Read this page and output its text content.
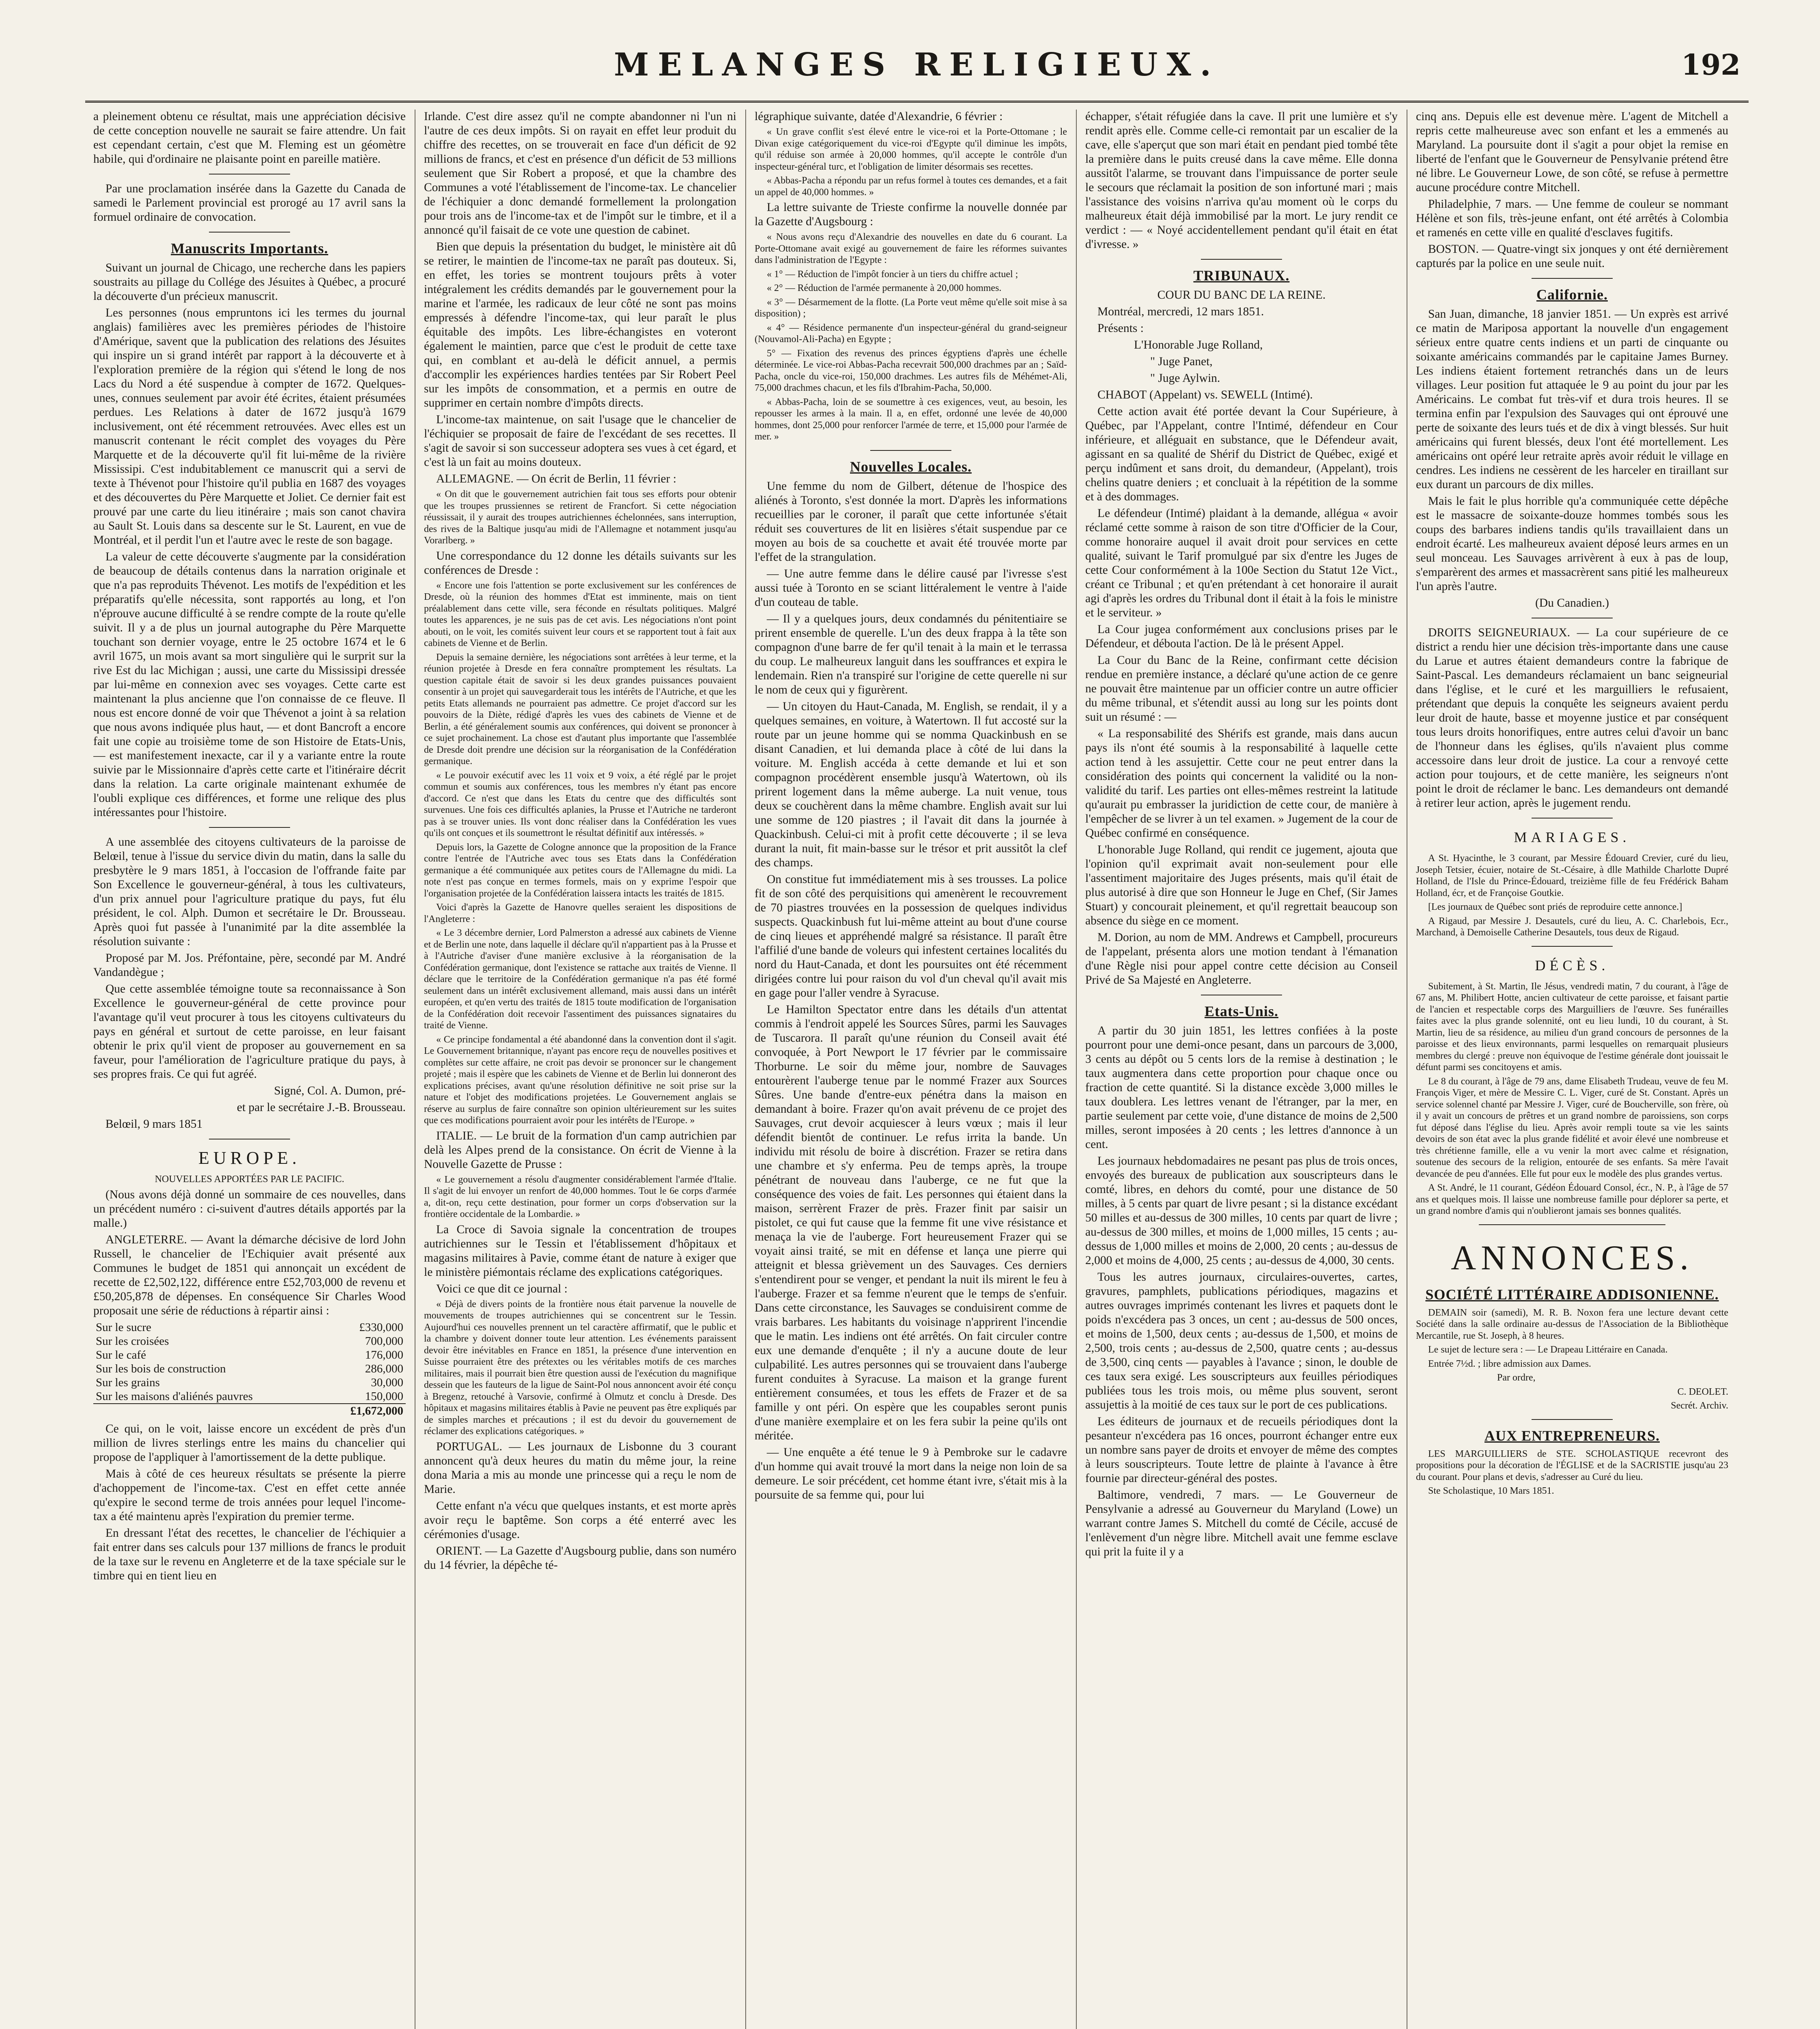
MELANGES RELIGIEUX.	192

a pleinement obtenu ce résultat, mais une appréciation décisive de cette conception nouvelle ne saurait se faire attendre. Un fait est cependant certain, c'est que M. Fleming est un géomètre habile, qui d'ordinaire ne plaisante point en pareille matière.

Par une proclamation insérée dans la Gazette du Canada de samedi le Parlement provincial est prorogé au 17 avril sans la formuel ordinaire de convocation.

Manuscrits Importants.

Suivant un journal de Chicago, une recherche dans les papiers soustraits au pillage du Collége des Jésuites à Québec, a procuré la découverte d'un précieux manuscrit.

Les personnes (nous empruntons ici les termes du journal anglais) familières avec les premières périodes de l'histoire d'Amérique, savent que la publication des relations des Jésuites qui inspire un si grand intérêt par rapport à la découverte et à l'exploration première de la région qui s'étend le long de nos Lacs du Nord a été suspendue à compter de 1672. Quelques-unes, connues seulement par avoir été écrites, étaient présumées perdues. Les Relations à dater de 1672 jusqu'à 1679 inclusivement, ont été récemment retrouvées. Avec elles est un manuscrit contenant le récit complet des voyages du Père Marquette et de la découverte qu'il fit lui-même de la rivière Mississipi. C'est indubitablement ce manuscrit qui a servi de texte à Thévenot pour l'histoire qu'il publia en 1687 des voyages et des découvertes du Père Marquette et Joliet. Ce dernier fait est prouvé par une carte du lieu itinéraire ; mais son canot chavira au Sault St. Louis dans sa descente sur le St. Laurent, en vue de Montréal, et il perdit l'un et l'autre avec le reste de son bagage.

La valeur de cette découverte s'augmente par la considération de beaucoup de détails contenus dans la narration originale et que n'a pas reproduits Thévenot. Les motifs de l'expédition et les préparatifs qu'elle nécessita, sont rapportés au long, et l'on n'éprouve aucune difficulté à se rendre compte de la route qu'elle suivit. Il y a de plus un journal autographe du Père Marquette touchant son dernier voyage, entre le 25 octobre 1674 et le 6 avril 1675, un mois avant sa mort singulière qui le surprit sur la rive Est du lac Michigan ; aussi, une carte du Mississipi dressée par lui-même en connexion avec ses voyages. Cette carte est maintenant la plus ancienne que l'on connaisse de ce fleuve. Il nous est encore donné de voir que Thévenot a joint à sa relation que nous avons indiquée plus haut, — et dont Bancroft a encore fait une copie au troisième tome de son Histoire de Etats-Unis, — est manifestement inexacte, car il y a variante entre la route suivie par le Missionnaire d'après cette carte et l'itinéraire décrit dans la relation. La carte originale maintenant exhumée de l'oubli explique ces différences, et forme une relique des plus intéressantes pour l'histoire.

A une assemblée des citoyens cultivateurs de la paroisse de Belœil, tenue à l'issue du service divin du matin, dans la salle du presbytère le 9 mars 1851, à l'occasion de l'offrande faite par Son Excellence le gouverneur-général, à tous les cultivateurs, d'un prix annuel pour l'agriculture pratique du pays, fut élu président, le col. Alph. Dumon et secrétaire le Dr. Brousseau. Après quoi fut passée à l'unanimité par la dite assemblée la résolution suivante :

Proposé par M. Jos. Préfontaine, père, secondé par M. André Vandandègue ;

Que cette assemblée témoigne toute sa reconnaissance à Son Excellence le gouverneur-général de cette province pour l'avantage qu'il veut procurer à tous les citoyens cultivateurs du pays en général et surtout de cette paroisse, en leur faisant obtenir le prix qu'il vient de proposer au gouvernement en sa faveur, pour l'amélioration de l'agriculture pratique du pays, à ses propres frais. Ce qui fut agréé.

Signé, Col. A. Dumon, pré-

et par le secrétaire J.-B. Brousseau.

Belœil, 9 mars 1851

EUROPE.

NOUVELLES APPORTÉES PAR LE PACIFIC.

(Nous avons déjà donné un sommaire de ces nouvelles, dans un précédent numéro : ci-suivent d'autres détails apportés par la malle.)

ANGLETERRE. — Avant la démarche décisive de lord John Russell, le chancelier de l'Echiquier avait présenté aux Communes le budget de 1851 qui annonçait un excédent de recette de £2,502,122, différence entre £52,703,000 de revenu et £50,205,878 de dépenses. En conséquence Sir Charles Wood proposait une série de réductions à répartir ainsi :

Sur le sucre	£330,000
Sur les croisées	700,000
Sur le café	176,000
Sur les bois de construction	286,000
Sur les grains	30,000
Sur les maisons d'aliénés pauvres	150,000
	£1,672,000

Ce qui, on le voit, laisse encore un excédent de près d'un million de livres sterlings entre les mains du chancelier qui propose de l'appliquer à l'amortissement de la dette publique.

Mais à côté de ces heureux résultats se présente la pierre d'achoppement de l'income-tax. C'est en effet cette année qu'expire le second terme de trois années pour lequel l'income-tax a été maintenu après l'expiration du premier terme.

En dressant l'état des recettes, le chancelier de l'échiquier a fait entrer dans ses calculs pour 137 millions de francs le produit de la taxe sur le revenu en Angleterre et de la taxe spéciale sur le timbre qui en tient lieu en

Irlande. C'est dire assez qu'il ne compte abandonner ni l'un ni l'autre de ces deux impôts. Si on rayait en effet leur produit du chiffre des recettes, on se trouverait en face d'un déficit de 92 millions de francs, et c'est en présence d'un déficit de 53 millions seulement que Sir Robert a proposé, et que la chambre des Communes a voté l'établissement de l'income-tax. Le chancelier de l'échiquier a donc demandé formellement la prolongation pour trois ans de l'income-tax et de l'impôt sur le timbre, et il a annoncé qu'il faisait de ce vote une question de cabinet.

Bien que depuis la présentation du budget, le ministère ait dû se retirer, le maintien de l'income-tax ne paraît pas douteux. Si, en effet, les tories se montrent toujours prêts à voter intégralement les crédits demandés par le gouvernement pour la marine et l'armée, les radicaux de leur côté ne sont pas moins empressés à défendre l'income-tax, qui leur paraît le plus équitable des impôts. Les libre-échangistes en voteront également le maintien, parce que c'est le produit de cette taxe qui, en comblant et au-delà le déficit annuel, a permis d'accomplir les expériences hardies tentées par Sir Robert Peel sur les impôts de consommation, et a permis en outre de supprimer en certain nombre d'impôts directs.

L'income-tax maintenue, on sait l'usage que le chancelier de l'échiquier se proposait de faire de l'excédant de ses recettes. Il s'agit de savoir si son successeur adoptera ses vues à cet égard, et c'est là un fait au moins douteux.

ALLEMAGNE. — On écrit de Berlin, 11 février :

« On dit que le gouvernement autrichien fait tous ses efforts pour obtenir que les troupes prussiennes se retirent de Francfort. Si cette négociation réussissait, il y aurait des troupes autrichiennes échelonnées, sans interruption, des rives de la Baltique jusqu'au midi de l'Allemagne et notamment jusqu'au Vorarlberg. »

Une correspondance du 12 donne les détails suivants sur les conférences de Dresde :

« Encore une fois l'attention se porte exclusivement sur les conférences de Dresde, où la réunion des hommes d'Etat est imminente, mais on tient préalablement dans cette ville, sera féconde en résultats politiques. Malgré toutes les apparences, je ne suis pas de cet avis. Les négociations n'ont point abouti, on le voit, les comités suivent leur cours et se rapportent tout à fait aux cabinets de Vienne et de Berlin.

Depuis la semaine dernière, les négociations sont arrêtées à leur terme, et la réunion projetée à Dresde en fera connaître promptement les résultats. La question capitale était de savoir si les deux grandes puissances pouvaient consentir à un projet qui sauvegarderait tous les intérêts de l'Autriche, et que les petits Etats allemands ne pourraient pas admettre. Ce projet d'accord sur les pouvoirs de la Diète, rédigé d'après les vues des cabinets de Vienne et de Berlin, a été généralement soumis aux conférences, qui doivent se prononcer à ce sujet prochainement. La chose est d'autant plus importante que l'assemblée de Dresde doit prendre une décision sur la réorganisation de la Confédération germanique.

« Le pouvoir exécutif avec les 11 voix et 9 voix, a été réglé par le projet commun et soumis aux conférences, tous les membres n'y étant pas encore d'accord. Ce n'est que dans les Etats du centre que des difficultés sont survenues. Une fois ces difficultés aplanies, la Prusse et l'Autriche ne tarderont pas à se trouver unies. Ils vont donc réaliser dans la Confédération les vues qu'ils ont conçues et ils soumettront le résultat définitif aux intéressés. »

Depuis lors, la Gazette de Cologne annonce que la proposition de la France contre l'entrée de l'Autriche avec tous ses Etats dans la Confédération germanique a été communiquée aux petites cours de l'Allemagne du midi. La note n'est pas conçue en termes formels, mais on y exprime l'espoir que l'organisation projetée de la Confédération laissera intacts les traités de 1815.

Voici d'après la Gazette de Hanovre quelles seraient les dispositions de l'Angleterre :

« Le 3 décembre dernier, Lord Palmerston a adressé aux cabinets de Vienne et de Berlin une note, dans laquelle il déclare qu'il n'appartient pas à la Prusse et à l'Autriche d'aviser d'une manière exclusive à la réorganisation de la Confédération germanique, dont l'existence se rattache aux traités de Vienne. Il déclare que le territoire de la Confédération germanique n'a pas été formé seulement dans un intérêt exclusivement allemand, mais aussi dans un intérêt européen, et qu'en vertu des traités de 1815 toute modification de l'organisation de la Confédération doit recevoir l'assentiment des puissances signataires du traité de Vienne.

« Ce principe fondamental a été abandonné dans la convention dont il s'agit. Le Gouvernement britannique, n'ayant pas encore reçu de nouvelles positives et complètes sur cette affaire, ne croit pas devoir se prononcer sur le changement projeté ; mais il espère que les cabinets de Vienne et de Berlin lui donneront des explications précises, avant qu'une résolution définitive ne soit prise sur la nature et l'objet des modifications projetées. Le Gouvernement anglais se réserve au surplus de faire connaître son opinion ultérieurement sur les suites que ces modifications pourraient avoir pour les intérêts de l'Europe. »

ITALIE. — Le bruit de la formation d'un camp autrichien par delà les Alpes prend de la consistance. On écrit de Vienne à la Nouvelle Gazette de Prusse :

« Le gouvernement a résolu d'augmenter considérablement l'armée d'Italie. Il s'agit de lui envoyer un renfort de 40,000 hommes. Tout le 6e corps d'armée a, dit-on, reçu cette destination, pour former un corps d'observation sur la frontière occidentale de la Lombardie. »

La Croce di Savoia signale la concentration de troupes autrichiennes sur le Tessin et l'établissement d'hôpitaux et magasins militaires à Pavie, comme étant de nature à exiger que le ministère piémontais réclame des explications catégoriques.

Voici ce que dit ce journal :

« Déjà de divers points de la frontière nous était parvenue la nouvelle de mouvements de troupes autrichiennes qui se concentrent sur le Tessin. Aujourd'hui ces nouvelles prennent un tel caractère affirmatif, que le public et la chambre y doivent donner toute leur attention. Les événements paraissent devoir être inévitables en France en 1851, la présence d'une intervention en Suisse pourraient être des prétextes ou les véritables motifs de ces marches militaires, mais il pourrait bien être question aussi de l'exécution du magnifique dessein que les fauteurs de la ligue de Saint-Pol nous annoncent avoir été conçu à Bregenz, retouché à Varsovie, confirmé à Olmutz et conclu à Dresde. Des hôpitaux et magasins militaires établis à Pavie ne peuvent pas être expliqués par de simples marches et précautions ; il est du devoir du gouvernement de réclamer des explications catégoriques. »

PORTUGAL. — Les journaux de Lisbonne du 3 courant annoncent qu'à deux heures du matin du même jour, la reine dona Maria a mis au monde une princesse qui a reçu le nom de Marie.

Cette enfant n'a vécu que quelques instants, et est morte après avoir reçu le baptême. Son corps a été enterré avec les cérémonies d'usage.

ORIENT. — La Gazette d'Augsbourg publie, dans son numéro du 14 février, la dépêche té-

légraphique suivante, datée d'Alexandrie, 6 février :

« Un grave conflit s'est élevé entre le vice-roi et la Porte-Ottomane ; le Divan exige catégoriquement du vice-roi d'Egypte qu'il diminue les impôts, qu'il réduise son armée à 20,000 hommes, qu'il accepte le contrôle d'un inspecteur-général turc, et l'obligation de limiter désormais ses recettes.

« Abbas-Pacha a répondu par un refus formel à toutes ces demandes, et a fait un appel de 40,000 hommes. »

La lettre suivante de Trieste confirme la nouvelle donnée par la Gazette d'Augsbourg :

« Nous avons reçu d'Alexandrie des nouvelles en date du 6 courant. La Porte-Ottomane avait exigé au gouvernement de faire les réformes suivantes dans l'administration de l'Egypte :

« 1° — Réduction de l'impôt foncier à un tiers du chiffre actuel ;

« 2° — Réduction de l'armée permanente à 20,000 hommes.

« 3° — Désarmement de la flotte. (La Porte veut même qu'elle soit mise à sa disposition) ;

« 4° — Résidence permanente d'un inspecteur-général du grand-seigneur (Nouvamol-Ali-Pacha) en Egypte ;

5° — Fixation des revenus des princes égyptiens d'après une échelle déterminée. Le vice-roi Abbas-Pacha recevrait 500,000 drachmes par an ; Saïd-Pacha, oncle du vice-roi, 150,000 drachmes. Les autres fils de Méhémet-Ali, 75,000 drachmes chacun, et les fils d'Ibrahim-Pacha, 50,000.

« Abbas-Pacha, loin de se soumettre à ces exigences, veut, au besoin, les repousser les armes à la main. Il a, en effet, ordonné une levée de 40,000 hommes, dont 25,000 pour renforcer l'armée de terre, et 15,000 pour l'armée de mer. »

Nouvelles Locales.

Une femme du nom de Gilbert, détenue de l'hospice des aliénés à Toronto, s'est donnée la mort. D'après les informations recueillies par le coroner, il paraît que cette infortunée s'était réduit ses couvertures de lit en lisières s'était suspendue par ce moyen au bois de sa couchette et avait été trouvée morte par l'effet de la strangulation.

— Une autre femme dans le délire causé par l'ivresse s'est aussi tuée à Toronto en se sciant littéralement le ventre à l'aide d'un couteau de table.

— Il y a quelques jours, deux condamnés du pénitentiaire se prirent ensemble de querelle. L'un des deux frappa à la tête son compagnon d'une barre de fer qu'il tenait à la main et le terrassa du coup. Le malheureux languit dans les souffrances et expira le lendemain. Rien n'a transpiré sur l'origine de cette querelle ni sur le nom de ceux qui y figurèrent.

— Un citoyen du Haut-Canada, M. English, se rendait, il y a quelques semaines, en voiture, à Watertown. Il fut accosté sur la route par un jeune homme qui se nomma Quackinbush en se disant Canadien, et lui demanda place à côté de lui dans la voiture. M. English accéda à cette demande et lui et son compagnon procédèrent ensemble jusqu'à Watertown, où ils prirent logement dans la même auberge. La nuit venue, tous deux se couchèrent dans la même chambre. English avait sur lui une somme de 120 piastres ; il l'avait dit dans la journée à Quackinbush. Celui-ci mit à profit cette découverte ; il se leva durant la nuit, fit main-basse sur le trésor et prit aussitôt la clef des champs.

On constitue fut immédiatement mis à ses trousses. La police fit de son côté des perquisitions qui amenèrent le recouvrement de 70 piastres trouvées en la possession de quelques individus suspects. Quackinbush fut lui-même atteint au bout d'une course de cinq lieues et appréhendé malgré sa résistance. Il paraît être l'affilié d'une bande de voleurs qui infestent certaines localités du nord du Haut-Canada, et dont les poursuites ont été récemment dirigées contre lui pour raison du vol d'un cheval qu'il avait mis en gage pour l'aller vendre à Syracuse.

Le Hamilton Spectator entre dans les détails d'un attentat commis à l'endroit appelé les Sources Sûres, parmi les Sauvages de Tuscarora. Il paraît qu'une réunion du Conseil avait été convoquée, à Port Newport le 17 février par le commissaire Thorburne. Le soir du même jour, nombre de Sauvages entourèrent l'auberge tenue par le nommé Frazer aux Sources Sûres. Une bande d'entre-eux pénétra dans la maison en demandant à boire. Frazer qu'on avait prévenu de ce projet des Sauvages, crut devoir acquiescer à leurs vœux ; mais il leur défendit bientôt de continuer. Le refus irrita la bande. Un individu mit résolu de boire à discrétion. Frazer se retira dans une chambre et s'y enferma. Peu de temps après, la troupe pénétrant de nouveau dans l'auberge, ce ne fut que la conséquence des voies de fait. Les personnes qui étaient dans la maison, serrèrent Frazer de près. Frazer finit par saisir un pistolet, ce qui fut cause que la femme fit une vive résistance et menaça la vie de l'auberge. Fort heureusement Frazer qui se voyait ainsi traité, se mit en défense et lança une pierre qui atteignit et blessa grièvement un des Sauvages. Ces derniers s'entendirent pour se venger, et pendant la nuit ils mirent le feu à l'auberge. Frazer et sa femme n'eurent que le temps de s'enfuir. Dans cette circonstance, les Sauvages se conduisirent comme de vrais barbares. Les habitants du voisinage n'apprirent l'incendie que le matin. Les indiens ont été arrêtés. On fait circuler contre eux une demande d'enquête ; il n'y a aucune doute de leur culpabilité. Les autres personnes qui se trouvaient dans l'auberge furent conduites à Syracuse. La maison et la grange furent entièrement consumées, et tous les effets de Frazer et de sa famille y ont péri. On espère que les coupables seront punis d'une manière exemplaire et on les fera subir la peine qu'ils ont méritée.

— Une enquête a été tenue le 9 à Pembroke sur le cadavre d'un homme qui avait trouvé la mort dans la neige non loin de sa demeure. Le soir précédent, cet homme étant ivre, s'était mis à la poursuite de sa femme qui, pour lui

échapper, s'était réfugiée dans la cave. Il prit une lumière et s'y rendit après elle. Comme celle-ci remontait par un escalier de la cave, elle s'aperçut que son mari était en pendant pied tombé tête la première dans le puits creusé dans la cave même. Elle donna aussitôt l'alarme, se trouvant dans l'impuissance de porter seule le secours que réclamait la position de son infortuné mari ; mais l'assistance des voisins n'arriva qu'au moment où le corps du malheureux était déjà immobilisé par la mort. Le jury rendit ce verdict : — « Noyé accidentellement pendant qu'il était en état d'ivresse. »

TRIBUNAUX.

COUR DU BANC DE LA REINE.

Montréal, mercredi, 12 mars 1851.

Présents :

L'Honorable Juge Rolland,

" Juge Panet,

" Juge Aylwin.

CHABOT (Appelant) vs. SEWELL (Intimé).

Cette action avait été portée devant la Cour Supérieure, à Québec, par l'Appelant, contre l'Intimé, défendeur en Cour inférieure, et alléguait en substance, que le Défendeur avait, agissant en sa qualité de Shérif du District de Québec, exigé et perçu indûment et sans droit, du demandeur, (Appelant), trois chelins quatre deniers ; et concluait à la répétition de la somme et à des dommages.

Le défendeur (Intimé) plaidant à la demande, allégua « avoir réclamé cette somme à raison de son titre d'Officier de la Cour, comme honoraire auquel il avait droit pour services en cette qualité, suivant le Tarif promulgué par six d'entre les Juges de cette Cour conformément à la 100e Section du Statut 12e Vict., créant ce Tribunal ; et qu'en prétendant à cet honoraire il aurait agi d'après les ordres du Tribunal dont il était à la fois le ministre et le serviteur. »

La Cour jugea conformément aux conclusions prises par le Défendeur, et débouta l'action. De là le présent Appel.

La Cour du Banc de la Reine, confirmant cette décision rendue en première instance, a déclaré qu'une action de ce genre ne pouvait être maintenue par un officier contre un autre officier du même tribunal, et s'étendit aussi au long sur les points dont suit un résumé : —

« La responsabilité des Shérifs est grande, mais dans aucun pays ils n'ont été soumis à la responsabilité à laquelle cette action tend à les assujettir. Cette cour ne peut entrer dans la considération des points qui concernent la validité ou la non-validité du tarif. Les parties ont elles-mêmes restreint la latitude qu'aurait pu embrasser la juridiction de cette cour, de manière à l'empêcher de se livrer à un tel examen. » Jugement de la cour de Québec confirmé en conséquence.

L'honorable Juge Rolland, qui rendit ce jugement, ajouta que l'opinion qu'il exprimait avait non-seulement pour elle l'assentiment majoritaire des Juges présents, mais qu'il était de plus autorisé à dire que son Honneur le Juge en Chef, (Sir James Stuart) y concourait pleinement, et qu'il regrettait beaucoup son absence du siège en ce moment.

M. Dorion, au nom de MM. Andrews et Campbell, procureurs de l'appelant, présenta alors une motion tendant à l'émanation d'une Règle nisi pour appel contre cette décision au Conseil Privé de Sa Majesté en Angleterre.

Etats-Unis.

A partir du 30 juin 1851, les lettres confiées à la poste pourront pour une demi-once pesant, dans un parcours de 3,000, 3 cents au dépôt ou 5 cents lors de la remise à destination ; le taux augmentera dans cette proportion pour chaque once ou fraction de cette quantité. Si la distance excède 3,000 milles le taux doublera. Les lettres venant de l'étranger, par la mer, en partie seulement par cette voie, d'une distance de moins de 2,500 milles, seront imposées à 20 cents ; les lettres d'annonce à un cent.

Les journaux hebdomadaires ne pesant pas plus de trois onces, envoyés des bureaux de publication aux souscripteurs dans le comté, libres, en dehors du comté, pour une distance de 50 milles, à 5 cents par quart de livre pesant ; si la distance excédant 50 milles et au-dessus de 300 milles, 10 cents par quart de livre ; au-dessus de 300 milles, et moins de 1,000 milles, 15 cents ; au-dessus de 1,000 milles et moins de 2,000, 20 cents ; au-dessus de 2,000 et moins de 4,000, 25 cents ; au-dessus de 4,000, 30 cents.

Tous les autres journaux, circulaires-ouvertes, cartes, gravures, pamphlets, publications périodiques, magazins et autres ouvrages imprimés contenant les livres et paquets dont le poids n'excédera pas 3 onces, un cent ; au-dessus de 500 onces, et moins de 1,500, deux cents ; au-dessus de 1,500, et moins de 2,500, trois cents ; au-dessus de 2,500, quatre cents ; au-dessus de 3,500, cinq cents — payables à l'avance ; sinon, le double de ces taux sera exigé. Les souscripteurs aux feuilles périodiques publiées tous les trois mois, ou même plus souvent, seront assujettis à la moitié de ces taux sur le port de ces publications.

Les éditeurs de journaux et de recueils périodiques dont la pesanteur n'excédera pas 16 onces, pourront échanger entre eux un nombre sans payer de droits et envoyer de même des comptes à leurs souscripteurs. Toute lettre de plainte à l'avance à être fournie par directeur-général des postes.

Baltimore, vendredi, 7 mars. — Le Gouverneur de Pensylvanie a adressé au Gouverneur du Maryland (Lowe) un warrant contre James S. Mitchell du comté de Cécile, accusé de l'enlèvement d'un nègre libre. Mitchell avait une femme esclave qui prit la fuite il y a

cinq ans. Depuis elle est devenue mère. L'agent de Mitchell a repris cette malheureuse avec son enfant et les a emmenés au Maryland. La poursuite dont il s'agit a pour objet la remise en liberté de l'enfant que le Gouverneur de Pensylvanie prétend être né libre. Le Gouverneur Lowe, de son côté, se refuse à permettre aucune procédure contre Mitchell.

Philadelphie, 7 mars. — Une femme de couleur se nommant Hélène et son fils, très-jeune enfant, ont été arrêtés à Colombia et ramenés en cette ville en qualité d'esclaves fugitifs.

BOSTON. — Quatre-vingt six jonques y ont été dernièrement capturés par la police en une seule nuit.

Californie.

San Juan, dimanche, 18 janvier 1851. — Un exprès est arrivé ce matin de Mariposa apportant la nouvelle d'un engagement sérieux entre quatre cents indiens et un parti de cinquante ou soixante américains commandés par le capitaine James Burney. Les indiens étaient fortement retranchés dans un de leurs villages. Leur position fut attaquée le 9 au point du jour par les Américains. Le combat fut très-vif et dura trois heures. Il se termina enfin par l'expulsion des Sauvages qui ont éprouvé une perte de soixante des leurs tués et de dix à vingt blessés. Sur huit américains qui furent blessés, deux l'ont été mortellement. Les américains ont opéré leur retraite après avoir réduit le village en cendres. Les indiens ne cessèrent de les harceler en tiraillant sur eux durant un parcours de dix milles.

Mais le fait le plus horrible qu'a communiquée cette dépêche est le massacre de soixante-douze hommes tombés sous les coups des barbares indiens tandis qu'ils travaillaient dans un endroit écarté. Les malheureux avaient déposé leurs armes en un seul monceau. Les Sauvages arrivèrent à eux à pas de loup, s'emparèrent des armes et massacrèrent sans pitié les malheureux l'un après l'autre.

(Du Canadien.)

DROITS SEIGNEURIAUX. — La cour supérieure de ce district a rendu hier une décision très-importante dans une cause du Larue et autres étaient demandeurs contre la fabrique de Saint-Pascal. Les demandeurs réclamaient un banc seigneurial dans l'église, et le curé et les marguilliers le refusaient, prétendant que depuis la conquête les seigneurs avaient perdu leur droit de haute, basse et moyenne justice et par conséquent tous leurs droits honorifiques, entre autres celui d'avoir un banc de l'honneur dans les églises, qu'ils n'avaient plus comme accessoire dans leur droit de justice. La cour a renvoyé cette action pour toujours, et de cette manière, les seigneurs n'ont point le droit de réclamer le banc. Les demandeurs ont demandé à retirer leur action, après le jugement rendu.

MARIAGES.

A St. Hyacinthe, le 3 courant, par Messire Édouard Crevier, curé du lieu, Joseph Tetsier, écuier, notaire de St.-Césaire, à dlle Mathilde Charlotte Dupré Holland, de l'Isle du Prince-Édouard, treizième fille de feu Frédérick Baham Holland, écr, et de Françoise Goutkie.

[Les journaux de Québec sont priés de reproduire cette annonce.]

A Rigaud, par Messire J. Desautels, curé du lieu, A. C. Charlebois, Ecr., Marchand, à Demoiselle Catherine Desautels, tous deux de Rigaud.

DÉCÈS.

Subitement, à St. Martin, Ile Jésus, vendredi matin, 7 du courant, à l'âge de 67 ans, M. Philibert Hotte, ancien cultivateur de cette paroisse, et faisant partie de l'ancien et respectable corps des Marguilliers de l'œuvre. Ses funérailles faites avec la plus grande solennité, ont eu lieu lundi, 10 du courant, à St. Martin, lieu de sa résidence, au milieu d'un grand concours de personnes de la paroisse et des lieux environnants, parmi lesquelles on remarquait plusieurs membres du clergé : preuve non équivoque de l'estime générale dont jouissait le défunt parmi ses concitoyens et amis.

Le 8 du courant, à l'âge de 79 ans, dame Elisabeth Trudeau, veuve de feu M. François Viger, et mère de Messire C. L. Viger, curé de St. Constant. Après un service solennel chanté par Messire J. Viger, curé de Boucherville, son frère, où il y avait un concours de prêtres et un grand nombre de paroissiens, son corps fut déposé dans l'église du lieu. Après avoir rempli toute sa vie les saints devoirs de son état avec la plus grande fidélité et avoir élevé une nombreuse et très chrétienne famille, elle a vu venir la mort avec calme et résignation, soutenue des secours de la religion, entourée de ses enfants. Sa mère l'avait devancée de peu d'années. Elle fut pour eux le modèle des plus grandes vertus.

A St. André, le 11 courant, Gédéon Édouard Consol, écr., N. P., à l'âge de 57 ans et quelques mois. Il laisse une nombreuse famille pour déplorer sa perte, et un grand nombre d'amis qui n'oublieront jamais ses bonnes qualités.

ANNONCES.
SOCIÉTÉ LITTÉRAIRE ADDISONIENNE.

DEMAIN soir (samedi), M. R. B. Noxon fera une lecture devant cette Société dans la salle ordinaire au-dessus de l'Association de la Bibliothèque Mercantile, rue St. Joseph, à 8 heures.

Le sujet de lecture sera : — Le Drapeau Littéraire en Canada.

Entrée 7½d. ; libre admission aux Dames.

Par ordre,

C. DEOLET.

Secrét. Archiv.

AUX ENTREPRENEURS.

LES MARGUILLIERS de STE. SCHOLASTIQUE recevront des propositions pour la décoration de l'ÉGLISE et de la SACRISTIE jusqu'au 23 du courant. Pour plans et devis, s'adresser au Curé du lieu.

Ste Scholastique, 10 Mars 1851.
